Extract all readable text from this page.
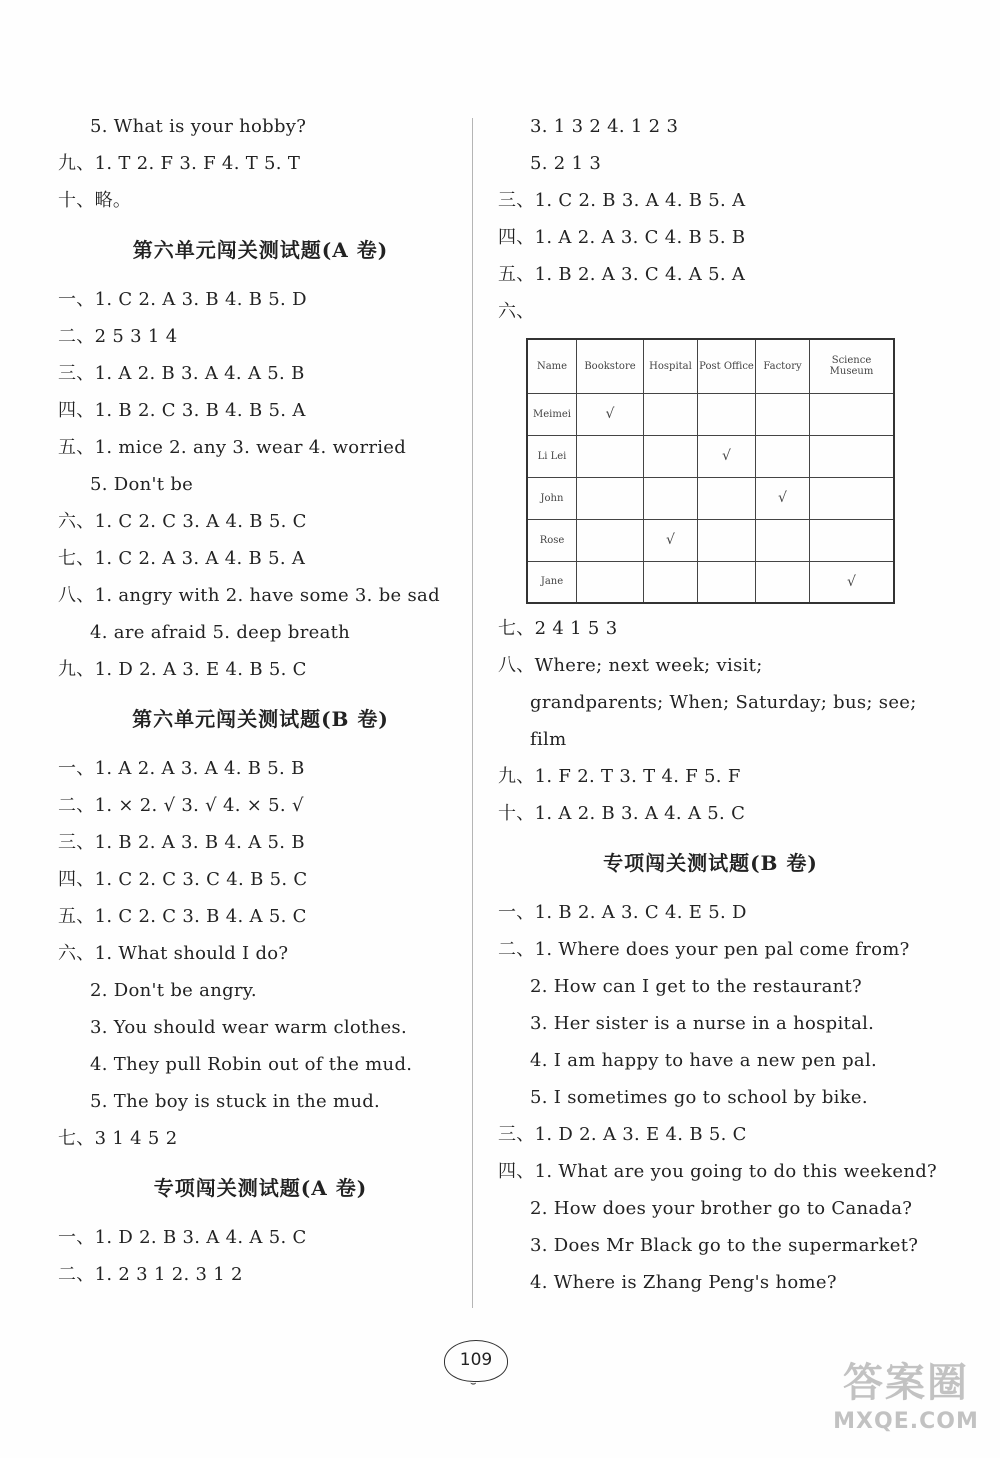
5. What is your hobby?
九、1. T 2. F 3. F 4. T 5. T
十、略。
第六单元闯关测试题(A 卷)
一、1. C 2. A 3. B 4. B 5. D
二、2 5 3 1 4
三、1. A 2. B 3. A 4. A 5. B
四、1. B 2. C 3. B 4. B 5. A
五、1. mice 2. any 3. wear 4. worried
5. Don't be
六、1. C 2. C 3. A 4. B 5. C
七、1. C 2. A 3. A 4. B 5. A
八、1. angry with 2. have some 3. be sad
4. are afraid 5. deep breath
九、1. D 2. A 3. E 4. B 5. C
第六单元闯关测试题(B 卷)
一、1. A 2. A 3. A 4. B 5. B
二、1. × 2. √ 3. √ 4. × 5. √
三、1. B 2. A 3. B 4. A 5. B
四、1. C 2. C 3. C 4. B 5. C
五、1. C 2. C 3. B 4. A 5. C
六、1. What should I do?
2. Don't be angry.
3. You should wear warm clothes.
4. They pull Robin out of the mud.
5. The boy is stuck in the mud.
七、3 1 4 5 2
专项闯关测试题(A 卷)
一、1. D 2. B 3. A 4. A 5. C
二、1. 2 3 1 2. 3 1 2
3. 1 3 2 4. 1 2 3
5. 2 1 3
三、1. C 2. B 3. A 4. B 5. A
四、1. A 2. A 3. C 4. B 5. B
五、1. B 2. A 3. C 4. A 5. A
六、
Name	Bookstore	Hospital	Post Office	Factory	Science Museum
Meimei	√				
Li Lei			√		
John				√	
Rose		√			
Jane					√
七、2 4 1 5 3
八、Where; next week; visit;
grandparents; When; Saturday; bus; see;
film
九、1. F 2. T 3. T 4. F 5. F
十、1. A 2. B 3. A 4. A 5. C
专项闯关测试题(B 卷)
一、1. B 2. A 3. C 4. E 5. D
二、1. Where does your pen pal come from?
2. How can I get to the restaurant?
3. Her sister is a nurse in a hospital.
4. I am happy to have a new pen pal.
5. I sometimes go to school by bike.
三、1. D 2. A 3. E 4. B 5. C
四、1. What are you going to do this weekend?
2. How does your brother go to Canada?
3. Does Mr Black go to the supermarket?
4. Where is Zhang Peng's home?
109
⌣	答案圈
MXQE.COM
